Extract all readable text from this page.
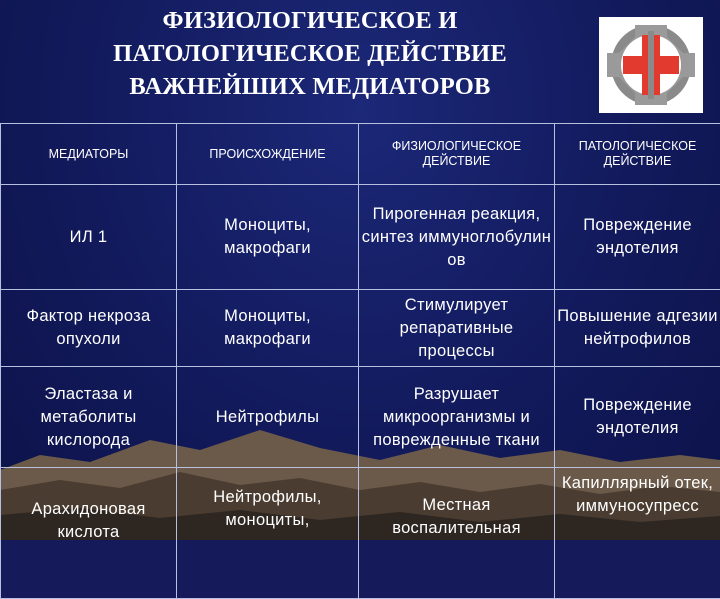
ФИЗИОЛОГИЧЕСКОЕ И
ПАТОЛОГИЧЕСКОЕ ДЕЙСТВИЕ
ВАЖНЕЙШИХ МЕДИАТОРОВ
МЕДИАТОРЫ	ПРОИСХОЖДЕНИЕ	ФИЗИОЛОГИЧЕСКОЕ ДЕЙСТВИЕ	ПАТОЛОГИЧЕСКОЕ ДЕЙСТВИЕ
ИЛ 1	Моноциты, макрофаги	Пирогенная реакция, синтез иммуноглобулин ов	Повреждение эндотелия
Фактор некроза опухоли	Моноциты, макрофаги	Стимулирует репаративные процессы	Повышение адгезии нейтрофилов
Эластаза и метаболиты кислорода	Нейтрофилы	Разрушает микроорганизмы и поврежденные ткани	Повреждение эндотелия
Арахидоновая кислота	Нейтрофилы, моноциты,	Местная воспалительная	Капиллярный отек, иммуносупресс
